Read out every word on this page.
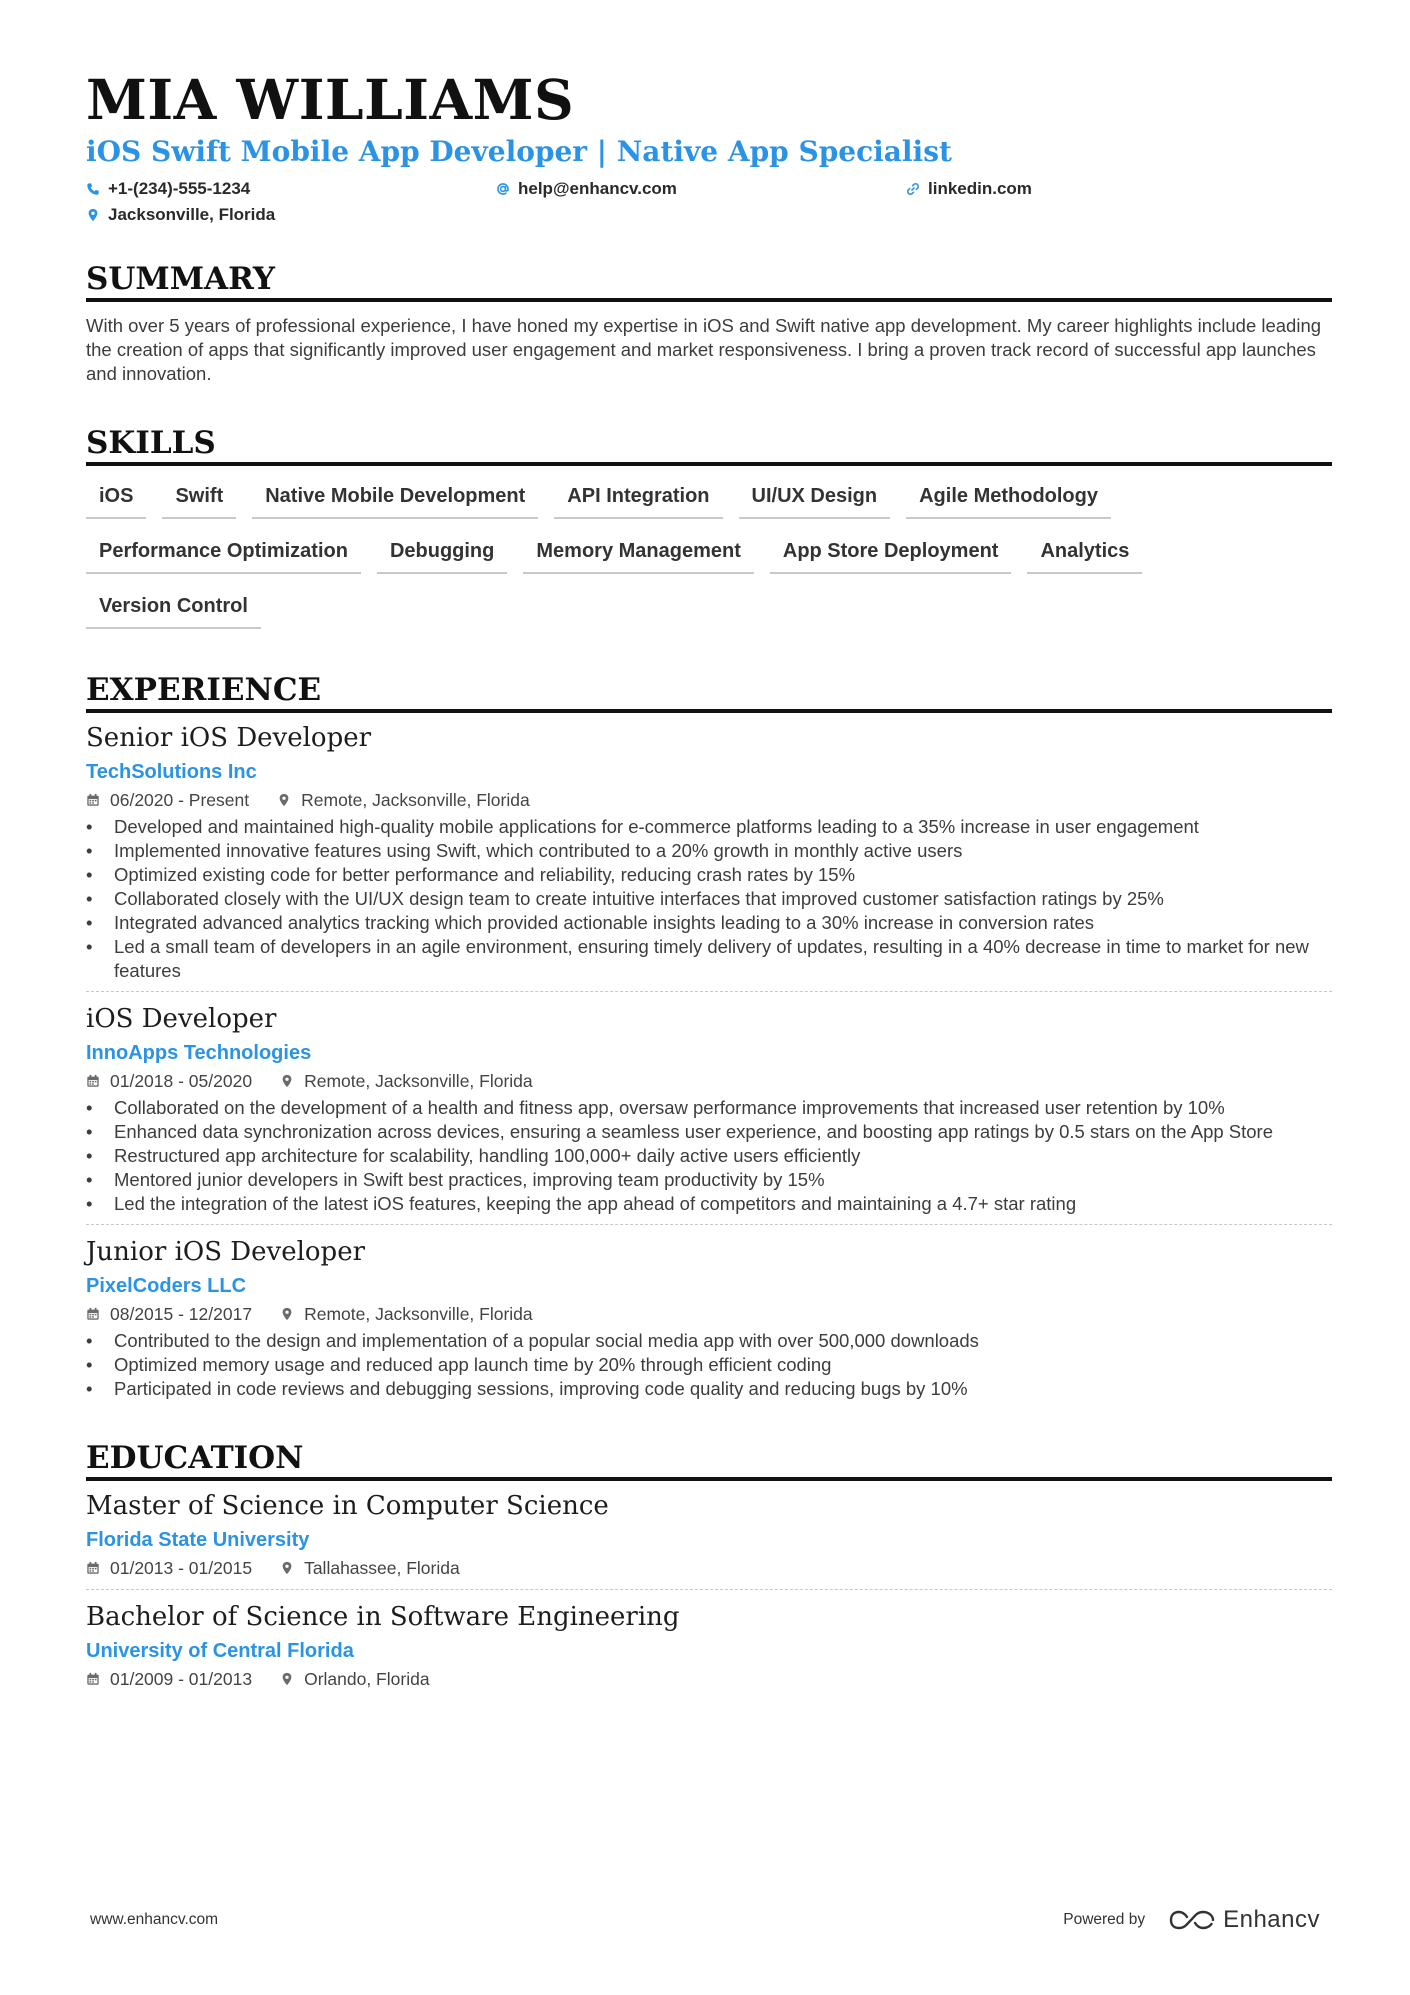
MIA WILLIAMS
iOS Swift Mobile App Developer | Native App Specialist
+1-(234)-555-1234	help@enhancv.com	linkedin.com
Jacksonville, Florida
SUMMARY
With over 5 years of professional experience, I have honed my expertise in iOS and Swift native app development. My career highlights include leading the creation of apps that significantly improved user engagement and market responsiveness. I bring a proven track record of successful app launches and innovation.
SKILLS
iOS	Swift	Native Mobile Development	API Integration	UI/UX Design	Agile Methodology
Performance Optimization	Debugging	Memory Management	App Store Deployment	Analytics
Version Control
EXPERIENCE
Senior iOS Developer
TechSolutions Inc
06/2020 - Present	Remote, Jacksonville, Florida
• Developed and maintained high-quality mobile applications for e-commerce platforms leading to a 35% increase in user engagement
• Implemented innovative features using Swift, which contributed to a 20% growth in monthly active users
• Optimized existing code for better performance and reliability, reducing crash rates by 15%
• Collaborated closely with the UI/UX design team to create intuitive interfaces that improved customer satisfaction ratings by 25%
• Integrated advanced analytics tracking which provided actionable insights leading to a 30% increase in conversion rates
• Led a small team of developers in an agile environment, ensuring timely delivery of updates, resulting in a 40% decrease in time to market for new features
iOS Developer
InnoApps Technologies
01/2018 - 05/2020	Remote, Jacksonville, Florida
• Collaborated on the development of a health and fitness app, oversaw performance improvements that increased user retention by 10%
• Enhanced data synchronization across devices, ensuring a seamless user experience, and boosting app ratings by 0.5 stars on the App Store
• Restructured app architecture for scalability, handling 100,000+ daily active users efficiently
• Mentored junior developers in Swift best practices, improving team productivity by 15%
• Led the integration of the latest iOS features, keeping the app ahead of competitors and maintaining a 4.7+ star rating
Junior iOS Developer
PixelCoders LLC
08/2015 - 12/2017	Remote, Jacksonville, Florida
• Contributed to the design and implementation of a popular social media app with over 500,000 downloads
• Optimized memory usage and reduced app launch time by 20% through efficient coding
• Participated in code reviews and debugging sessions, improving code quality and reducing bugs by 10%
EDUCATION
Master of Science in Computer Science
Florida State University
01/2013 - 01/2015	Tallahassee, Florida
Bachelor of Science in Software Engineering
University of Central Florida
01/2009 - 01/2013	Orlando, Florida
www.enhancv.com	Powered by	Enhancv
